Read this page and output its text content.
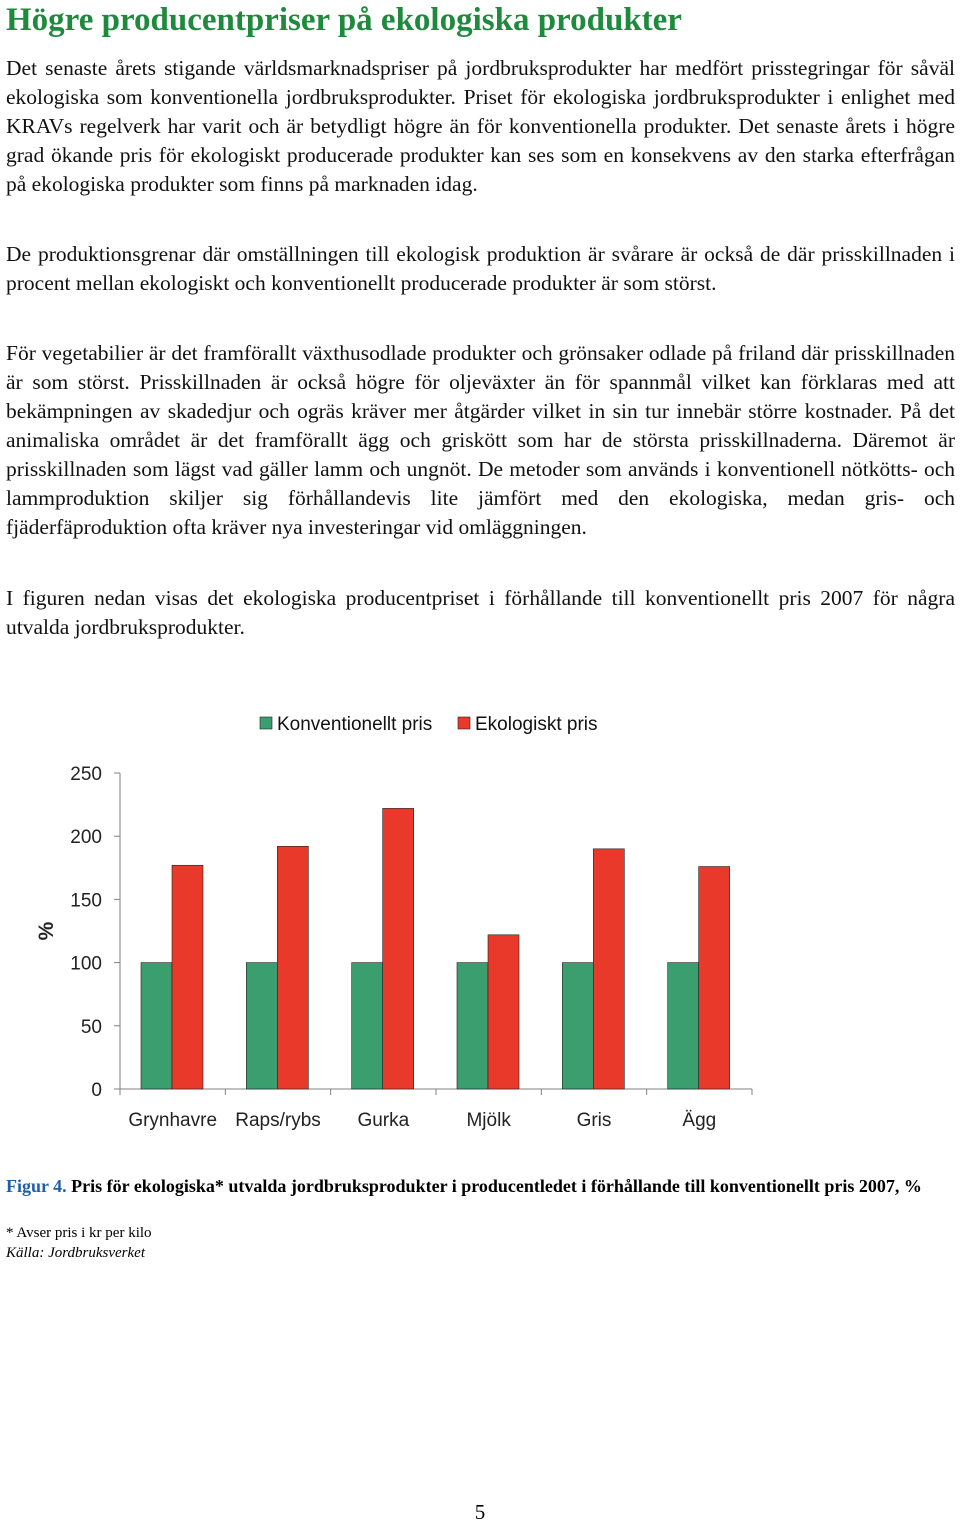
Högre producentpriser på ekologiska produkter

Det senaste årets stigande världsmarknadspriser på jordbruksprodukter har medfört prisstegringar för såväl ekologiska som konventionella jordbruksprodukter. Priset för ekologiska jordbruksprodukter i enlighet med KRAVs regelverk har varit och är betydligt högre än för konventionella produkter. Det senaste årets i högre grad ökande pris för ekologiskt producerade produkter kan ses som en konsekvens av den starka efterfrågan på ekologiska produkter som finns på marknaden idag.

De produktionsgrenar där omställningen till ekologisk produktion är svårare är också de där prisskillnaden i procent mellan ekologiskt och konventionellt producerade produkter är som störst.

För vegetabilier är det framförallt växthusodlade produkter och grönsaker odlade på friland där prisskillnaden är som störst. Prisskillnaden är också högre för oljeväxter än för spannmål vilket kan förklaras med att bekämpningen av skadedjur och ogräs kräver mer åtgärder vilket in sin tur innebär större kostnader. På det animaliska området är det framförallt ägg och griskött som har de största prisskillnaderna. Däremot är prisskillnaden som lägst vad gäller lamm och ungnöt. De metoder som används i konventionell nötkötts- och lammproduktion skiljer sig förhållandevis lite jämfört med den ekologiska, medan gris- och fjäderfäproduktion ofta kräver nya investeringar vid omläggningen.

I figuren nedan visas det ekologiska producentpriset i förhållande till konventionellt pris 2007 för några utvalda jordbruksprodukter.

0
50
100
150
200
250
%
Grynhavre Raps/rybs Gurka	Mjölk	Gris	Ägg
Konventionellt pris Ekologiskt pris

Figur 4. Pris för ekologiska* utvalda jordbruksprodukter i producentledet i förhållande till konventionellt pris 2007, %

* Avser pris i kr per kilo

Källa: Jordbruksverket

5
